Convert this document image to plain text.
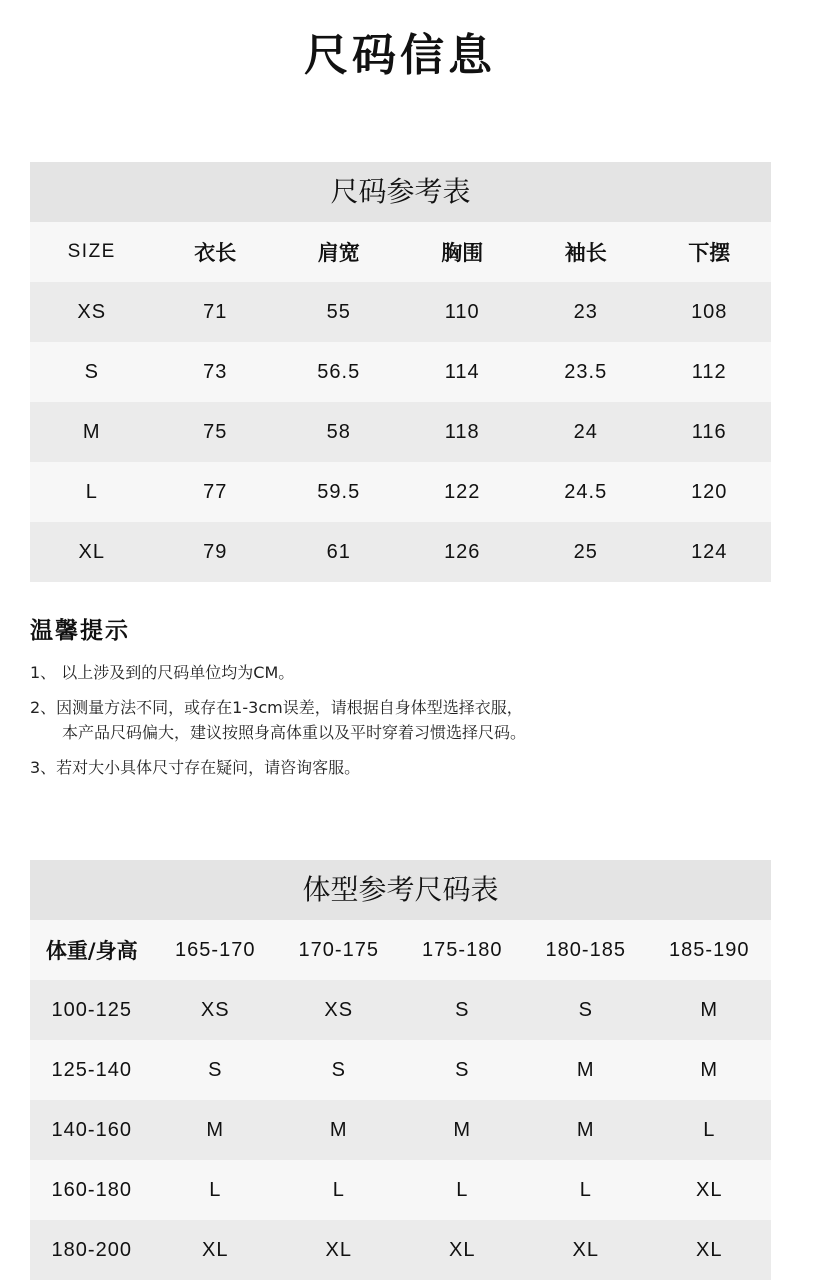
尺码信息
尺码参考表
SIZE	衣长	肩宽	胸围	袖长	下摆
XS	71	55	110	23	108
S	73	56.5	114	23.5	112
M	75	58	118	24	116
L	77	59.5	122	24.5	120
XL	79	61	126	25	124
温馨提示

1、 以上涉及到的尺码单位均为CM。

2、因测量方法不同，或存在1-3cm误差，请根据自身体型选择衣服，

本产品尺码偏大，建议按照身高体重以及平时穿着习惯选择尺码。

3、若对大小具体尺寸存在疑问，请咨询客服。

体型参考尺码表
体重/身高	165-170	170-175	175-180	180-185	185-190
100-125	XS	XS	S	S	M
125-140	S	S	S	M	M
140-160	M	M	M	M	L
160-180	L	L	L	L	XL
180-200	XL	XL	XL	XL	XL
